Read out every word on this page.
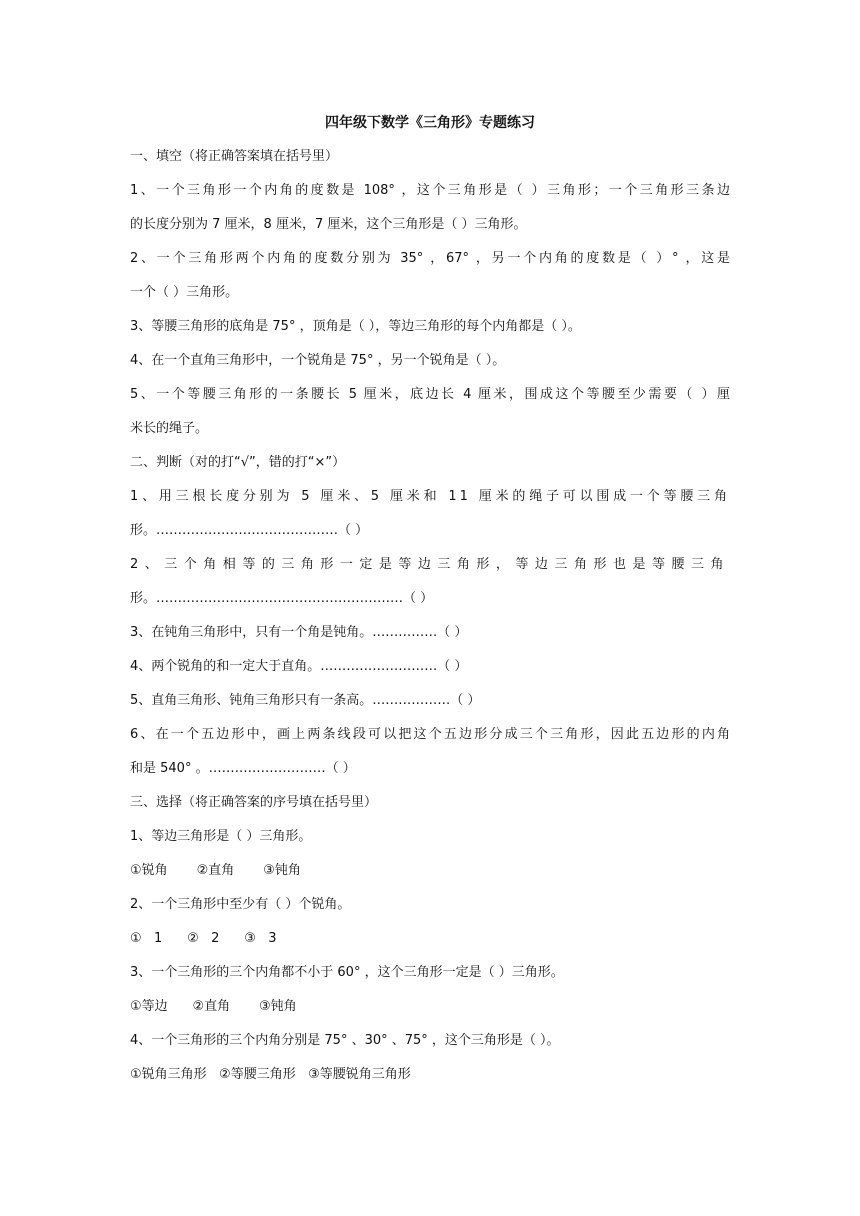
四年级下数学《三角形》专题练习
一、填空（将正确答案填在括号里）
1、一个三角形一个内角的度数是 108° ，这个三角形是（ ）三角形；一个三角形三条边
的长度分别为 7 厘米，8 厘米，7 厘米，这个三角形是（ ）三角形。
2、一个三角形两个内角的度数分别为 35° ，67° ，另一个内角的度数是（ ）° ，这是
一个（ ）三角形。
3、等腰三角形的底角是 75° ，顶角是（ ），等边三角形的每个内角都是（ ）。
4、在一个直角三角形中，一个锐角是 75° ，另一个锐角是（ ）。
5、一个等腰三角形的一条腰长 5 厘米，底边长 4 厘米，围成这个等腰至少需要（ ）厘
米长的绳子。
二、判断（对的打“√”，错的打“×”）
1、用三根长度分别为 5 厘米、5 厘米和 11 厘米的绳子可以围成一个等腰三角
形。……………………………………（ ）
2、三个角相等的三角形一定是等边三角形，等边三角形也是等腰三角
形。…………………………………………………（ ）
3、在钝角三角形中，只有一个角是钝角。……………（ ）
4、两个锐角的和一定大于直角。………………………（ ）
5、直角三角形、钝角三角形只有一条高。………………（ ）
6、在一个五边形中，画上两条线段可以把这个五边形分成三个三角形，因此五边形的内角
和是 540° 。………………………（ ）
三、选择（将正确答案的序号填在括号里）
1、等边三角形是（ ）三角形。
①锐角       ②直角       ③钝角
2、一个三角形中至少有（ ）个锐角。
①   1      ②   2      ③   3
3、一个三角形的三个内角都不小于 60° ，这个三角形一定是（ ）三角形。
①等边      ②直角       ③钝角
4、一个三角形的三个内角分别是 75° 、30° 、75° ，这个三角形是（ ）。
①锐角三角形   ②等腰三角形   ③等腰锐角三角形
